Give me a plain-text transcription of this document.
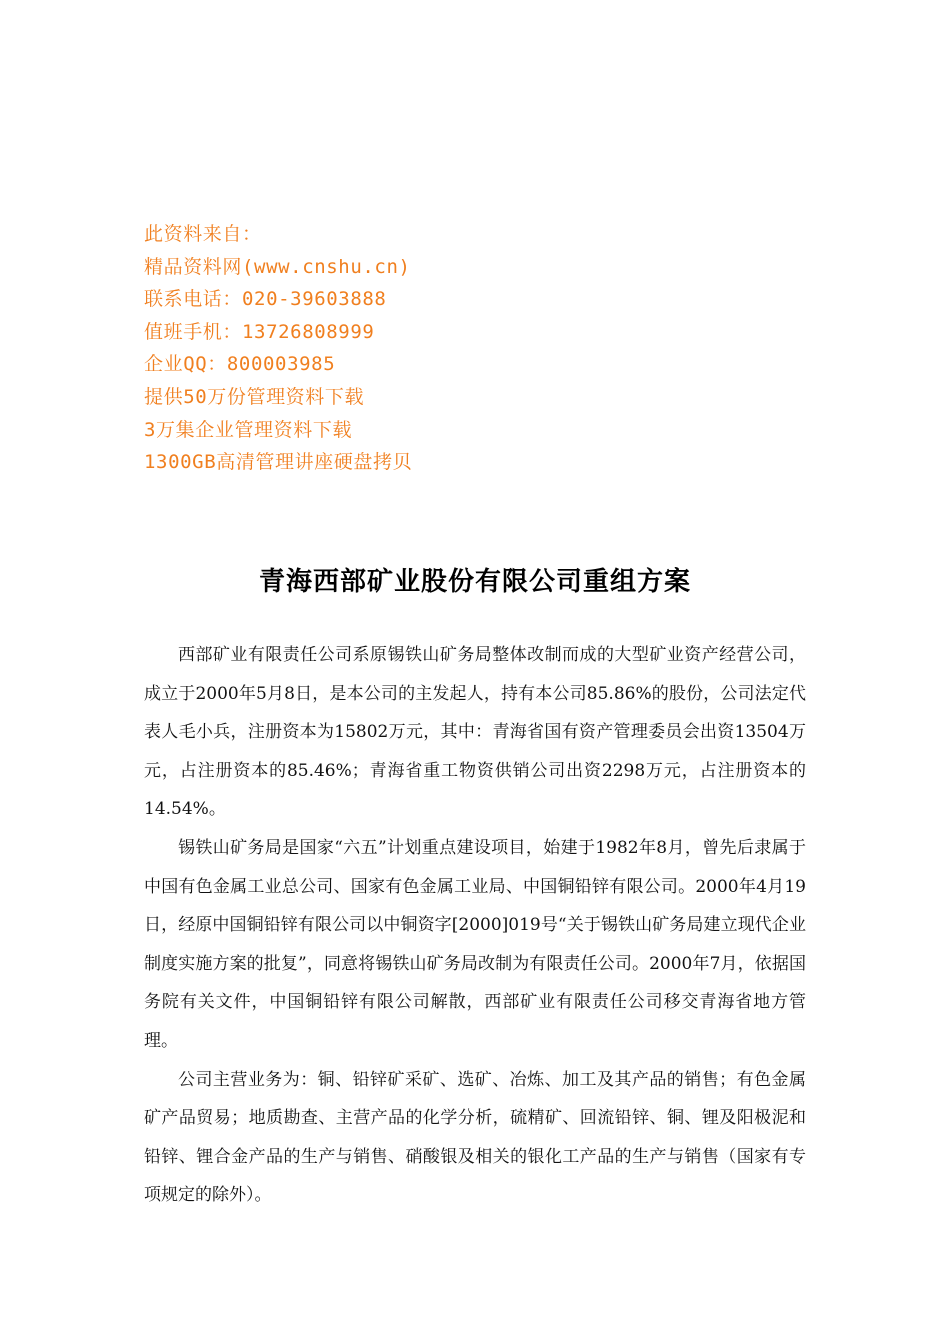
此资料来自：
精品资料网(www.cnshu.cn)
联系电话：020-39603888
值班手机：13726808999
企业QQ：800003985
提供50万份管理资料下载
3万集企业管理资料下载
1300GB高清管理讲座硬盘拷贝
青海西部矿业股份有限公司重组方案

西部矿业有限责任公司系原锡铁山矿务局整体改制而成的大型矿业资产经营公司，成立于2000年5月8日，是本公司的主发起人，持有本公司85.86%的股份，公司法定代表人毛小兵，注册资本为15802万元，其中：青海省国有资产管理委员会出资13504万元，占注册资本的85.46%；青海省重工物资供销公司出资2298万元，占注册资本的14.54%。

锡铁山矿务局是国家“六五”计划重点建设项目，始建于1982年8月，曾先后隶属于中国有色金属工业总公司、国家有色金属工业局、中国铜铅锌有限公司。2000年4月19日，经原中国铜铅锌有限公司以中铜资字[2000]019号“关于锡铁山矿务局建立现代企业制度实施方案的批复”，同意将锡铁山矿务局改制为有限责任公司。2000年7月，依据国务院有关文件，中国铜铅锌有限公司解散，西部矿业有限责任公司移交青海省地方管理。

公司主营业务为：铜、铅锌矿采矿、选矿、冶炼、加工及其产品的销售；有色金属矿产品贸易；地质勘查、主营产品的化学分析，硫精矿、回流铅锌、铜、锂及阳极泥和铅锌、锂合金产品的生产与销售、硝酸银及相关的银化工产品的生产与销售（国家有专项规定的除外）。
